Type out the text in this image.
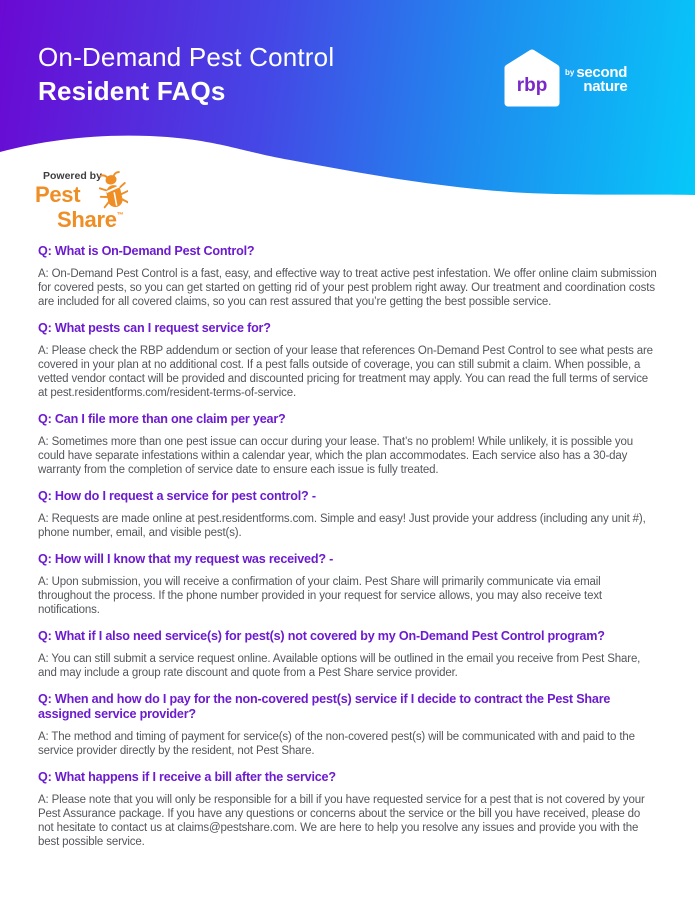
On-Demand Pest Control
Resident FAQs	rbp
by second
nature
Powered by
Pest
Share™
Q: What is On-Demand Pest Control?

A: On-Demand Pest Control is a fast, easy, and effective way to treat active pest infestation. We offer online claim submission for covered pests, so you can get started on getting rid of your pest problem right away. Our treatment and coordination costs are included for all covered claims, so you can rest assured that you’re getting the best possible service.

Q: What pests can I request service for?

A: Please check the RBP addendum or section of your lease that references On-Demand Pest Control to see what pests are covered in your plan at no additional cost. If a pest falls outside of coverage, you can still submit a claim. When possible, a vetted vendor contact will be provided and discounted pricing for treatment may apply. You can read the full terms of service at pest.residentforms.com/resident-terms-of-service.

Q: Can I file more than one claim per year?

A: Sometimes more than one pest issue can occur during your lease. That’s no problem! While unlikely, it is possible you could have separate infestations within a calendar year, which the plan accommodates. Each service also has a 30-day warranty from the completion of service date to ensure each issue is fully treated.

Q: How do I request a service for pest control? -

A: Requests are made online at pest.residentforms.com. Simple and easy! Just provide your address (including any unit #), phone number, email, and visible pest(s).

Q: How will I know that my request was received? -

A: Upon submission, you will receive a confirmation of your claim. Pest Share will primarily communicate via email throughout the process. If the phone number provided in your request for service allows, you may also receive text notifications.

Q: What if I also need service(s) for pest(s) not covered by my On-Demand Pest Control program?

A: You can still submit a service request online. Available options will be outlined in the email you receive from Pest Share, and may include a group rate discount and quote from a Pest Share service provider.

Q: When and how do I pay for the non-covered pest(s) service if I decide to contract the Pest Share assigned service provider?

A: The method and timing of payment for service(s) of the non-covered pest(s) will be communicated with and paid to the service provider directly by the resident, not Pest Share.

Q: What happens if I receive a bill after the service?

A: Please note that you will only be responsible for a bill if you have requested service for a pest that is not covered by your Pest Assurance package. If you have any questions or concerns about the service or the bill you have received, please do not hesitate to contact us at claims@pestshare.com. We are here to help you resolve any issues and provide you with the best possible service.
